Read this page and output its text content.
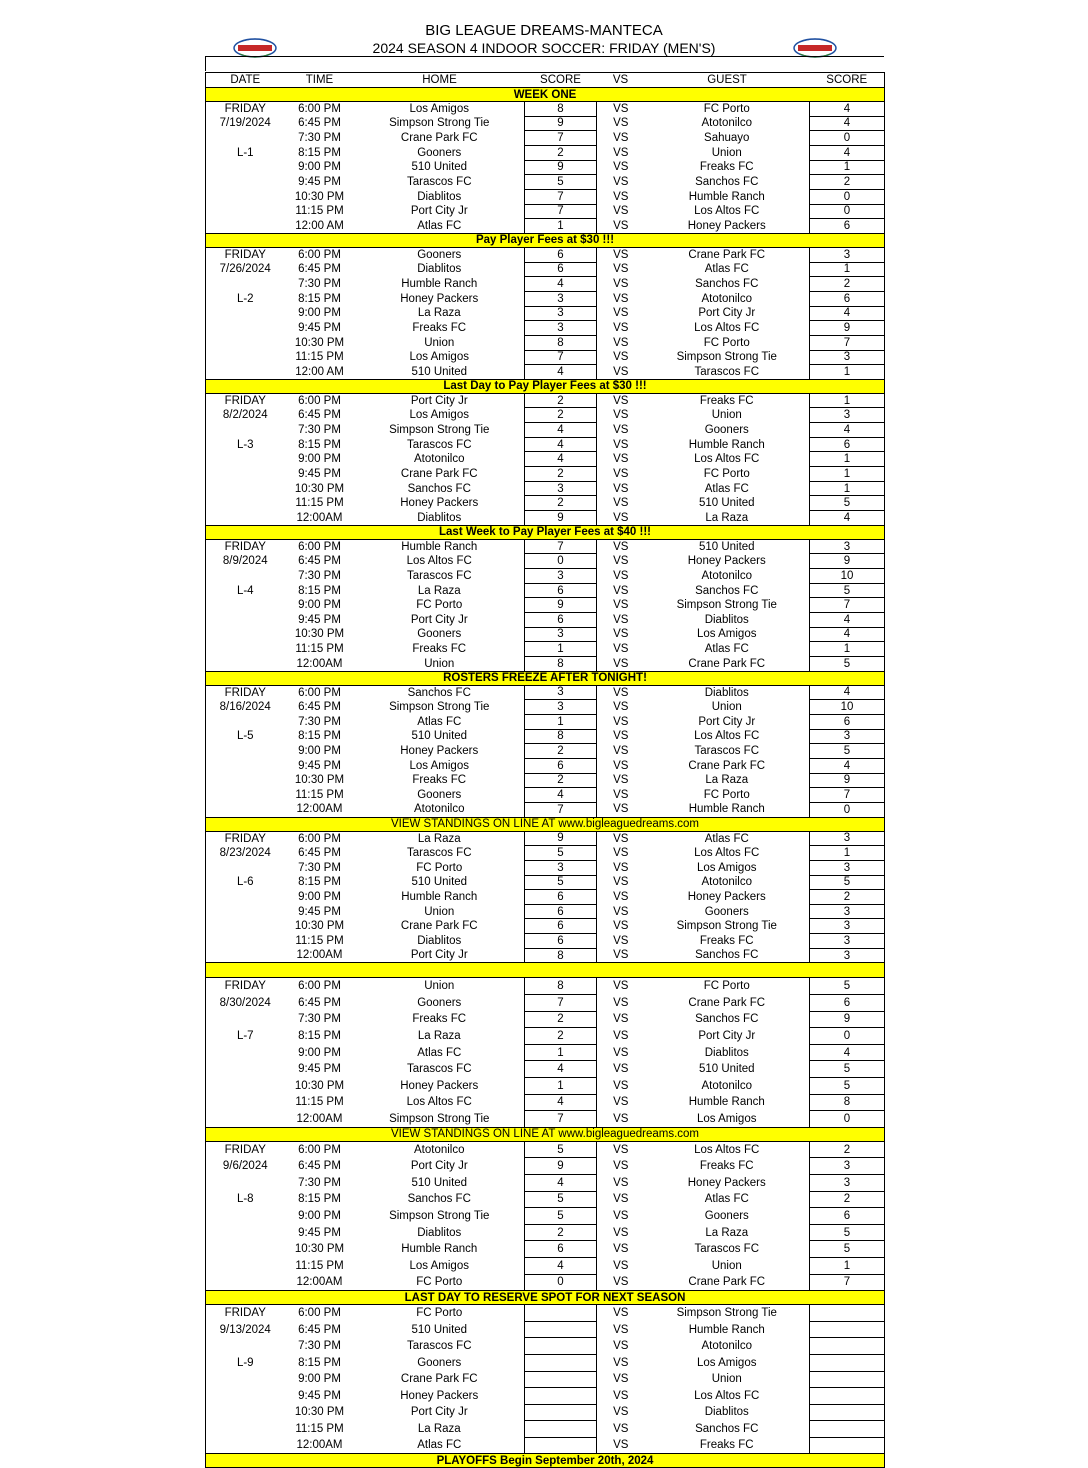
BIG LEAGUE DREAMS-MANTECA
2024 SEASON 4 INDOOR SOCCER: FRIDAY (MEN'S)
DATE	TIME	HOME	SCORE	VS	GUEST	SCORE
WEEK ONE						
FRIDAY	6:00 PM	Los Amigos	8	VS	FC Porto	4
7/19/2024	6:45 PM	Simpson Strong Tie	9	VS	Atotonilco	4
	7:30 PM	Crane Park FC	7	VS	Sahuayo	0
L-1	8:15 PM	Gooners	2	VS	Union	4
	9:00 PM	510 United	9	VS	Freaks FC	1
	9:45 PM	Tarascos FC	5	VS	Sanchos FC	2
	10:30 PM	Diablitos	7	VS	Humble Ranch	0
	11:15 PM	Port City Jr	7	VS	Los Altos FC	0
	12:00 AM	Atlas FC	1	VS	Honey Packers	6
Pay Player Fees at $30 !!!						
FRIDAY	6:00 PM	Gooners	6	VS	Crane Park FC	3
7/26/2024	6:45 PM	Diablitos	6	VS	Atlas FC	1
	7:30 PM	Humble Ranch	4	VS	Sanchos FC	2
L-2	8:15 PM	Honey Packers	3	VS	Atotonilco	6
	9:00 PM	La Raza	3	VS	Port City Jr	4
	9:45 PM	Freaks FC	3	VS	Los Altos FC	9
	10:30 PM	Union	8	VS	FC Porto	7
	11:15 PM	Los Amigos	7	VS	Simpson Strong Tie	3
	12:00 AM	510 United	4	VS	Tarascos FC	1
Last Day to Pay Player Fees at $30 !!!						
FRIDAY	6:00 PM	Port City Jr	2	VS	Freaks FC	1
8/2/2024	6:45 PM	Los Amigos	2	VS	Union	3
	7:30 PM	Simpson Strong Tie	4	VS	Gooners	4
L-3	8:15 PM	Tarascos FC	4	VS	Humble Ranch	6
	9:00 PM	Atotonilco	4	VS	Los Altos FC	1
	9:45 PM	Crane Park FC	2	VS	FC Porto	1
	10:30 PM	Sanchos FC	3	VS	Atlas FC	1
	11:15 PM	Honey Packers	2	VS	510 United	5
	12:00AM	Diablitos	9	VS	La Raza	4
Last Week to Pay Player Fees at $40 !!!						
FRIDAY	6:00 PM	Humble Ranch	7	VS	510 United	3
8/9/2024	6:45 PM	Los Altos FC	0	VS	Honey Packers	9
	7:30 PM	Tarascos FC	3	VS	Atotonilco	10
L-4	8:15 PM	La Raza	6	VS	Sanchos FC	5
	9:00 PM	FC Porto	9	VS	Simpson Strong Tie	7
	9:45 PM	Port City Jr	6	VS	Diablitos	4
	10:30 PM	Gooners	3	VS	Los Amigos	4
	11:15 PM	Freaks FC	1	VS	Atlas FC	1
	12:00AM	Union	8	VS	Crane Park FC	5
ROSTERS FREEZE AFTER TONIGHT!						
FRIDAY	6:00 PM	Sanchos FC	3	VS	Diablitos	4
8/16/2024	6:45 PM	Simpson Strong Tie	3	VS	Union	10
	7:30 PM	Atlas FC	1	VS	Port City Jr	6
L-5	8:15 PM	510 United	8	VS	Los Altos FC	3
	9:00 PM	Honey Packers	2	VS	Tarascos FC	5
	9:45 PM	Los Amigos	6	VS	Crane Park FC	4
	10:30 PM	Freaks FC	2	VS	La Raza	9
	11:15 PM	Gooners	4	VS	FC Porto	7
	12:00AM	Atotonilco	7	VS	Humble Ranch	0
VIEW STANDINGS ON LINE AT www.bigleaguedreams.com						
FRIDAY	6:00 PM	La Raza	9	VS	Atlas FC	3
8/23/2024	6:45 PM	Tarascos FC	5	VS	Los Altos FC	1
	7:30 PM	FC Porto	3	VS	Los Amigos	3
L-6	8:15 PM	510 United	5	VS	Atotonilco	5
	9:00 PM	Humble Ranch	6	VS	Honey Packers	2
	9:45 PM	Union	6	VS	Gooners	3
	10:30 PM	Crane Park FC	6	VS	Simpson Strong Tie	3
	11:15 PM	Diablitos	6	VS	Freaks FC	3
	12:00AM	Port City Jr	8	VS	Sanchos FC	3

FRIDAY	6:00 PM	Union	8	VS	FC Porto	5
8/30/2024	6:45 PM	Gooners	7	VS	Crane Park FC	6
	7:30 PM	Freaks FC	2	VS	Sanchos FC	9
L-7	8:15 PM	La Raza	2	VS	Port City Jr	0
	9:00 PM	Atlas FC	1	VS	Diablitos	4
	9:45 PM	Tarascos FC	4	VS	510 United	5
	10:30 PM	Honey Packers	1	VS	Atotonilco	5
	11:15 PM	Los Altos FC	4	VS	Humble Ranch	8
	12:00AM	Simpson Strong Tie	7	VS	Los Amigos	0
VIEW STANDINGS ON LINE AT www.bigleaguedreams.com						
FRIDAY	6:00 PM	Atotonilco	5	VS	Los Altos FC	2
9/6/2024	6:45 PM	Port City Jr	9	VS	Freaks FC	3
	7:30 PM	510 United	4	VS	Honey Packers	3
L-8	8:15 PM	Sanchos FC	5	VS	Atlas FC	2
	9:00 PM	Simpson Strong Tie	5	VS	Gooners	6
	9:45 PM	Diablitos	2	VS	La Raza	5
	10:30 PM	Humble Ranch	6	VS	Tarascos FC	5
	11:15 PM	Los Amigos	4	VS	Union	1
	12:00AM	FC Porto	0	VS	Crane Park FC	7
LAST DAY TO RESERVE SPOT FOR NEXT SEASON						
FRIDAY	6:00 PM	FC Porto		VS	Simpson Strong Tie	
9/13/2024	6:45 PM	510 United		VS	Humble Ranch	
	7:30 PM	Tarascos FC		VS	Atotonilco	
L-9	8:15 PM	Gooners		VS	Los Amigos	
	9:00 PM	Crane Park FC		VS	Union	
	9:45 PM	Honey Packers		VS	Los Altos FC	
	10:30 PM	Port City Jr		VS	Diablitos	
	11:15 PM	La Raza		VS	Sanchos FC	
	12:00AM	Atlas FC		VS	Freaks FC	
PLAYOFFS Begin September 20th, 2024						
